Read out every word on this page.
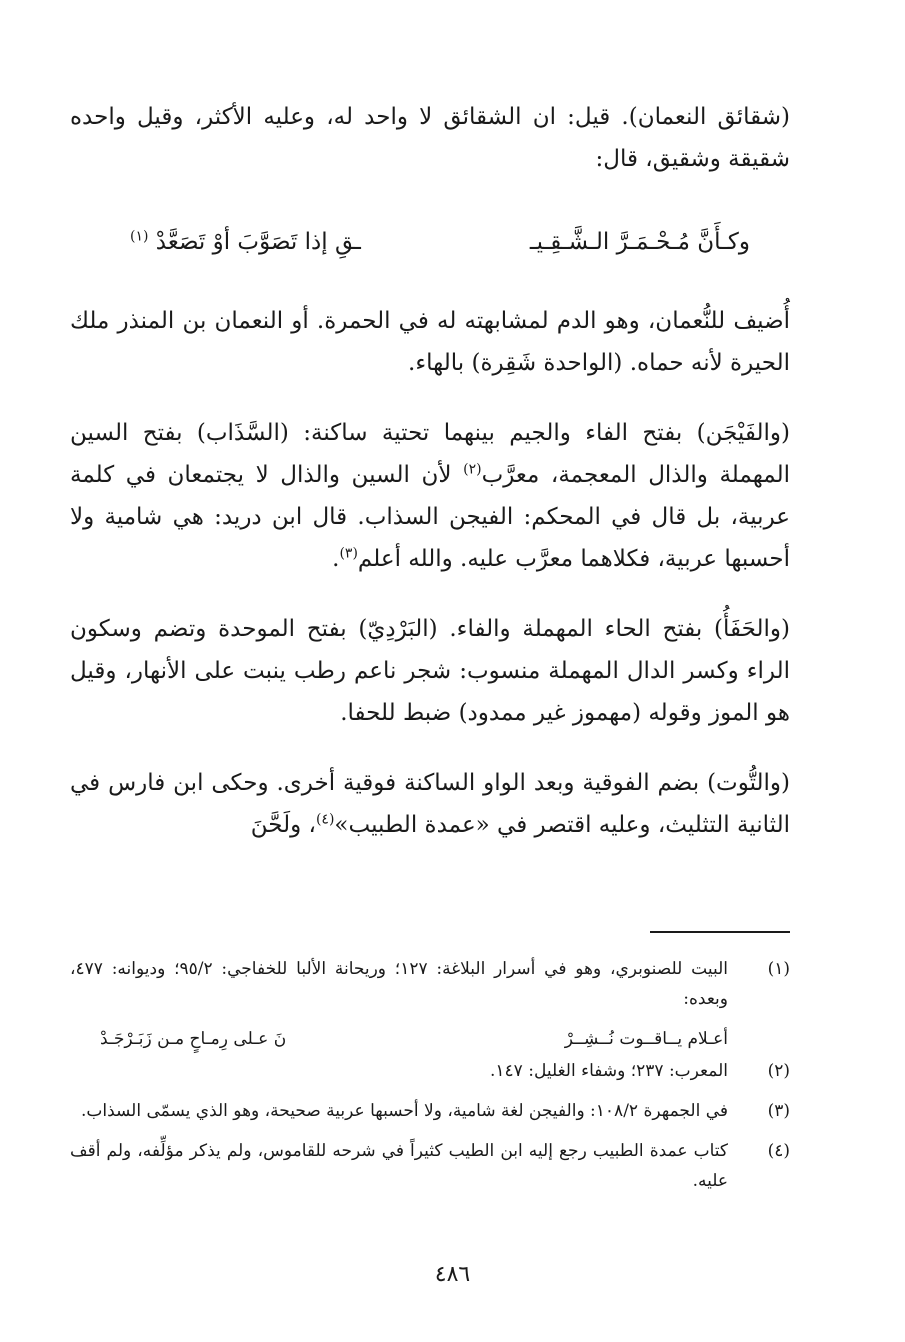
(شقائق النعمان). قيل: ان الشقائق لا واحد له، وعليه الأكثر، وقيل واحده شقيقة وشقيق، قال:

وكـأَنَّ مُـحْـمَـرَّ الـشَّـقِـيـ
ـقِ إذا تَصَوَّبَ أوْ تَصَعَّدْ $^{(١)}$

أُضيف للنُّعمان، وهو الدم لمشابهته له في الحمرة. أو النعمان بن المنذر ملك الحيرة لأنه حماه. (الواحدة شَقِرة) بالهاء.

(والفَيْجَن) بفتح الفاء والجيم بينهما تحتية ساكنة: (السَّذَاب) بفتح السين المهملة والذال المعجمة، معرَّب$^{(٢)}$ لأن السين والذال لا يجتمعان في كلمة عربية، بل قال في المحكم: الفيجن السذاب. قال ابن دريد: هي شامية ولا أحسبها عربية، فكلاهما معرَّب عليه. والله أعلم$^{(٣)}$.

(والحَفَأُ) بفتح الحاء المهملة والفاء. (البَرْدِيّ) بفتح الموحدة وتضم وسكون الراء وكسر الدال المهملة منسوب: شجر ناعم رطب ينبت على الأنهار، وقيل هو الموز وقوله (مهموز غير ممدود) ضبط للحفا.

(والتُّوت) بضم الفوقية وبعد الواو الساكنة فوقية أخرى. وحكى ابن فارس في الثانية التثليث، وعليه اقتصر في «عمدة الطبيب»$^{(٤)}$، ولَحَّنَ

(١)
البيت للصنوبري، وهو في أسرار البلاغة: ١٢٧؛ وريحانة الألبا للخفاجي: ٩٥/٢؛ وديوانه: ٤٧٧، وبعده:
أعـلام يــاقــوت نُــشِــرْ
نَ عـلى رِمـاحٍ مـن زَبَـرْجَـدْ
(٢)
المعرب: ٢٣٧؛ وشفاء الغليل: ١٤٧.
(٣)
في الجمهرة ١٠٨/٢: والفيجن لغة شامية، ولا أحسبها عربية صحيحة، وهو الذي يسمّى السذاب.
(٤)
كتاب عمدة الطبيب رجع إليه ابن الطيب كثيراً في شرحه للقاموس، ولم يذكر مؤلِّفه، ولم أقف عليه.
٤٨٦
